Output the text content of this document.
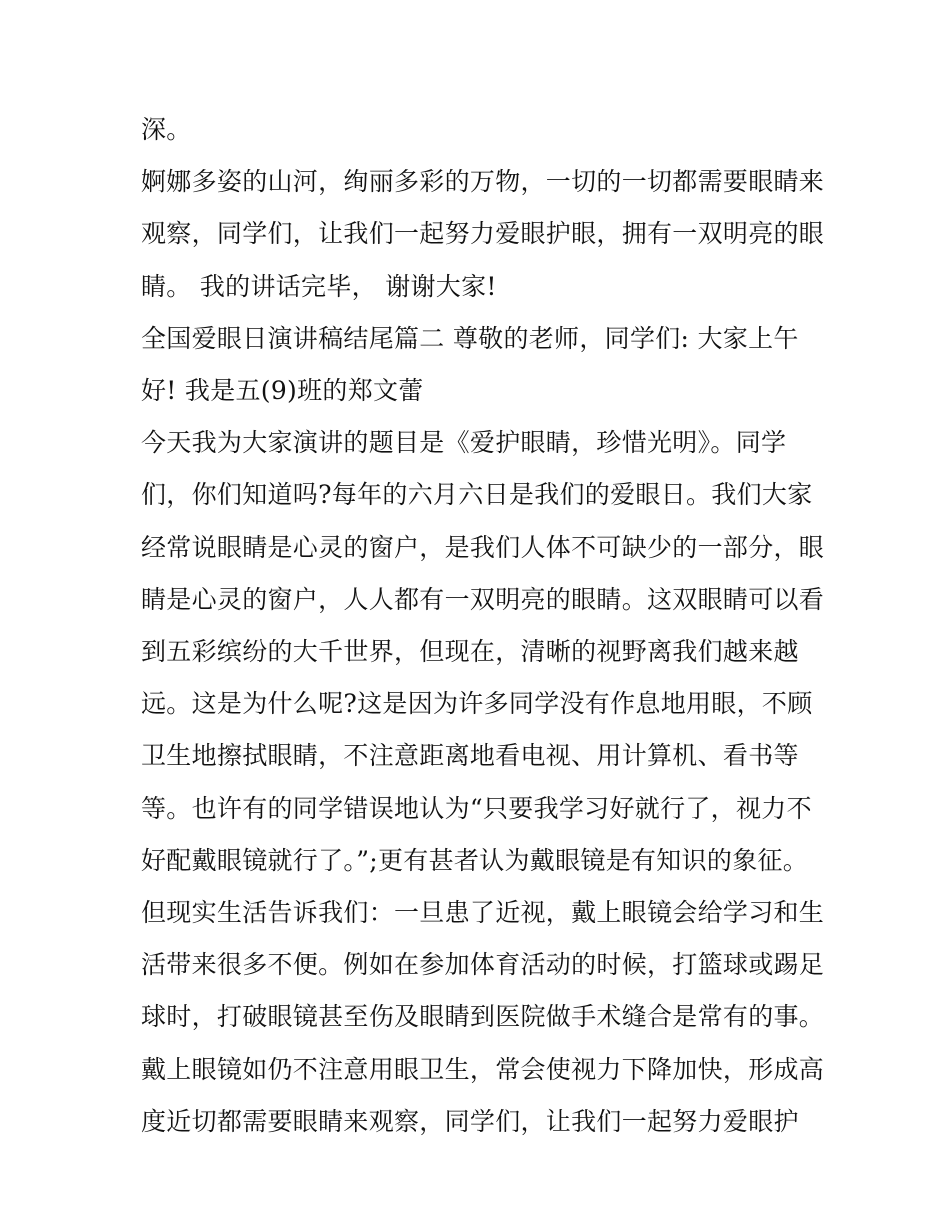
深。
婀娜多姿的山河，绚丽多彩的万物，一切的一切都需要眼睛来
观察，同学们，让我们一起努力爱眼护眼，拥有一双明亮的眼
睛。 我的讲话完毕， 谢谢大家!
全国爱眼日演讲稿结尾篇二 尊敬的老师，同学们: 大家上午
好! 我是五(9)班的郑文蕾
今天我为大家演讲的题目是《爱护眼睛，珍惜光明》。同学
们，你们知道吗?每年的六月六日是我们的爱眼日。我们大家
经常说眼睛是心灵的窗户，是我们人体不可缺少的一部分，眼
睛是心灵的窗户，人人都有一双明亮的眼睛。这双眼睛可以看
到五彩缤纷的大千世界，但现在，清晰的视野离我们越来越
远。这是为什么呢?这是因为许多同学没有作息地用眼，不顾
卫生地擦拭眼睛，不注意距离地看电视、用计算机、看书等
等。也许有的同学错误地认为“只要我学习好就行了，视力不
好配戴眼镜就行了。”;更有甚者认为戴眼镜是有知识的象征。
但现实生活告诉我们：一旦患了近视，戴上眼镜会给学习和生
活带来很多不便。例如在参加体育活动的时候，打篮球或踢足
球时，打破眼镜甚至伤及眼睛到医院做手术缝合是常有的事。
戴上眼镜如仍不注意用眼卫生，常会使视力下降加快，形成高
度近切都需要眼睛来观察，同学们，让我们一起努力爱眼护
